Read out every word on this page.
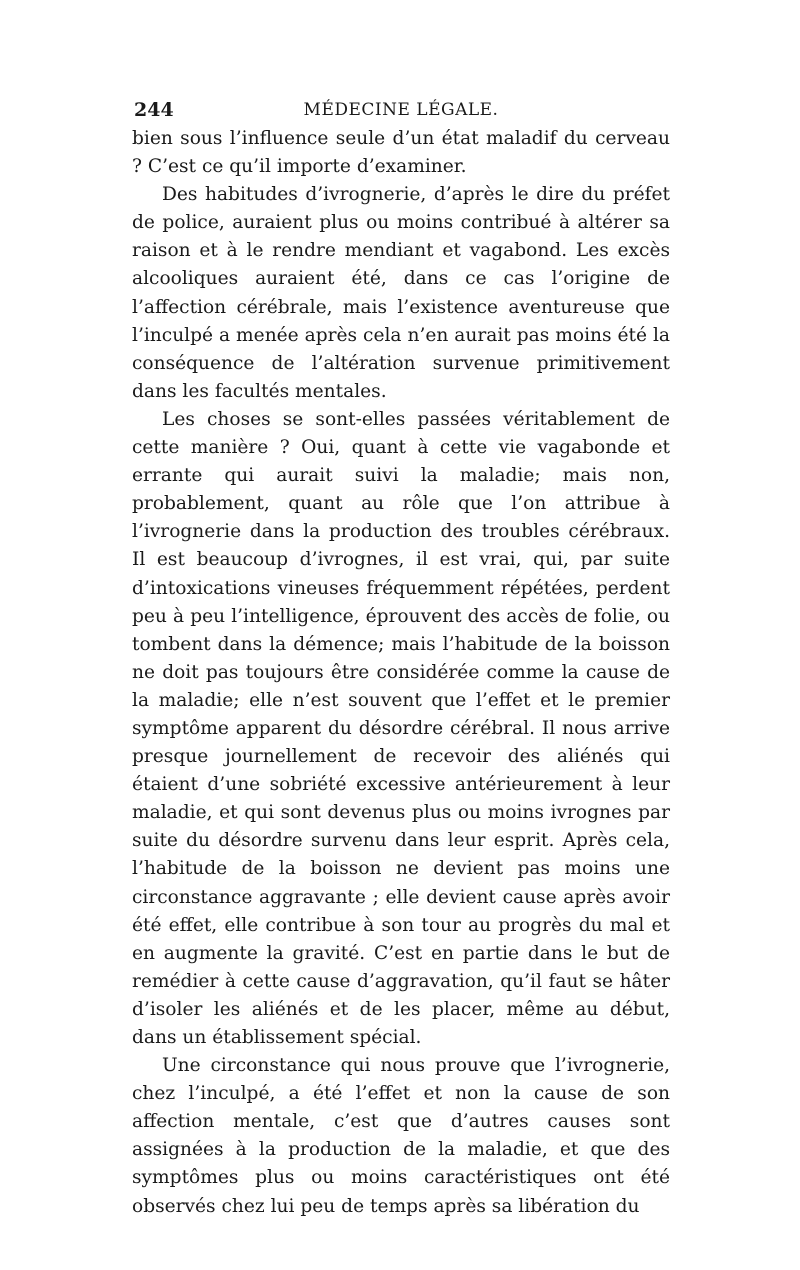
244	MÉDECINE LÉGALE.

bien sous l’influence seule d’un état maladif du cerveau ? C’est ce qu’il importe d’examiner.

Des habitudes d’ivrognerie, d’après le dire du préfet de police, auraient plus ou moins contribué à altérer sa raison et à le rendre mendiant et vagabond. Les excès alcooliques auraient été, dans ce cas l’origine de l’affection cérébrale, mais l’existence aventureuse que l’inculpé a menée après cela n’en aurait pas moins été la conséquence de l’altération survenue primitivement dans les facultés mentales.

Les choses se sont-elles passées véritablement de cette manière ? Oui, quant à cette vie vagabonde et errante qui aurait suivi la maladie; mais non, probablement, quant au rôle que l’on attribue à l’ivrognerie dans la production des troubles cérébraux. Il est beaucoup d’ivrognes, il est vrai, qui, par suite d’intoxications vineuses fréquemment répétées, perdent peu à peu l’intelligence, éprouvent des accès de folie, ou tombent dans la démence; mais l’habitude de la boisson ne doit pas toujours être considérée comme la cause de la maladie; elle n’est souvent que l’effet et le premier symptôme apparent du désordre cérébral. Il nous arrive presque journellement de recevoir des aliénés qui étaient d’une sobriété excessive antérieurement à leur maladie, et qui sont devenus plus ou moins ivrognes par suite du désordre survenu dans leur esprit. Après cela, l’habitude de la boisson ne devient pas moins une circonstance aggravante ; elle devient cause après avoir été effet, elle contribue à son tour au progrès du mal et en augmente la gravité. C’est en partie dans le but de remédier à cette cause d’aggravation, qu’il faut se hâter d’isoler les aliénés et de les placer, même au début, dans un établissement spécial.

Une circonstance qui nous prouve que l’ivrognerie, chez l’inculpé, a été l’effet et non la cause de son affection mentale, c’est que d’autres causes sont assignées à la production de la maladie, et que des symptômes plus ou moins caractéristiques ont été observés chez lui peu de temps après sa libération du
